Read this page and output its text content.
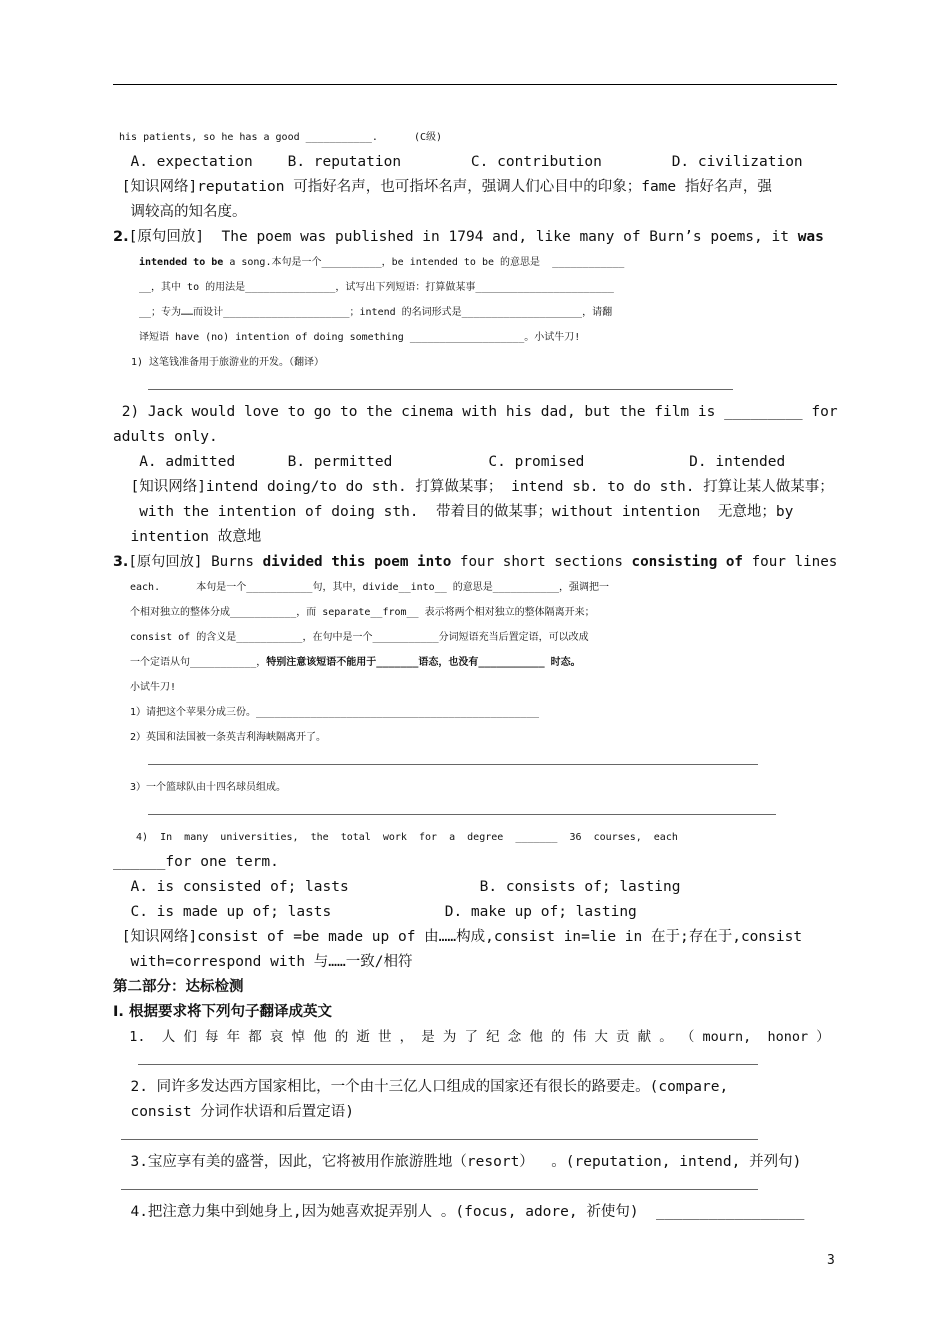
his patients, so he has a good ___________.      (C级)
A. expectation    B. reputation        C. contribution        D. civilization
[知识网络]reputation 可指好名声，也可指坏名声，强调人们心目中的印象；fame 指好名声，强
调较高的知名度。
2.[原句回放]  The poem was published in 1794 and, like many of Burn’s poems, it was
intended to be a song.本句是一个__________，be intended to be 的意思是  ____________
__，其中 to 的用法是_______________，试写出下列短语：打算做某事_______________________
__；专为……而设计_____________________；intend 的名词形式是____________________，请翻
译短语 have (no) intention of doing something ___________________。小试牛刀!
1) 这笔钱准备用于旅游业的开发。（翻译）
2) Jack would love to go to the cinema with his dad, but the film is _________ for
adults only.
A. admitted      B. permitted           C. promised            D. intended
[知识网络]intend doing/to do sth. 打算做某事； intend sb. to do sth. 打算让某人做某事；
with the intention of doing sth.  带着目的做某事；without intention  无意地；by
intention 故意地
3.[原句回放] Burns divided this poem into four short sections consisting of four lines
each.      本句是一个___________句，其中，divide__into__ 的意思是___________，强调把一
个相对独立的整体分成___________，而 separate__from__ 表示将两个相对独立的整体隔离开来；
consist of 的含义是___________，在句中是一个___________分词短语充当后置定语，可以改成
一个定语从句___________，特别注意该短语不能用于_______语态，也没有___________ 时态。
小试牛刀!
1）请把这个苹果分成三份。_______________________________________________
2）英国和法国被一条英吉利海峡隔离开了。
3）一个篮球队由十四名球员组成。
4)  In  many  universities,  the  total  work  for  a  degree  _______  36  courses,  each
______for one term.
A. is consisted of; lasts               B. consists of; lasting
C. is made up of; lasts             D. make up of; lasting
[知识网络]consist of =be made up of 由……构成,consist in=lie in 在于;存在于,consist
with=correspond with 与……一致/相符
第二部分：达标检测
I. 根据要求将下列句子翻译成英文
1.  人 们 每 年 都 哀 悼 他 的 逝 世 ， 是 为 了 纪 念 他 的 伟 大 贡 献 。 （ mourn,  honor ）
2. 同许多发达西方国家相比，一个由十三亿人口组成的国家还有很长的路要走。(compare,
consist 分词作状语和后置定语)
3.宝应享有美的盛誉，因此，它将被用作旅游胜地（resort）  。(reputation, intend, 并列句)
4.把注意力集中到她身上,因为她喜欢捉弄别人 。(focus, adore, 祈使句)  _________________
3
